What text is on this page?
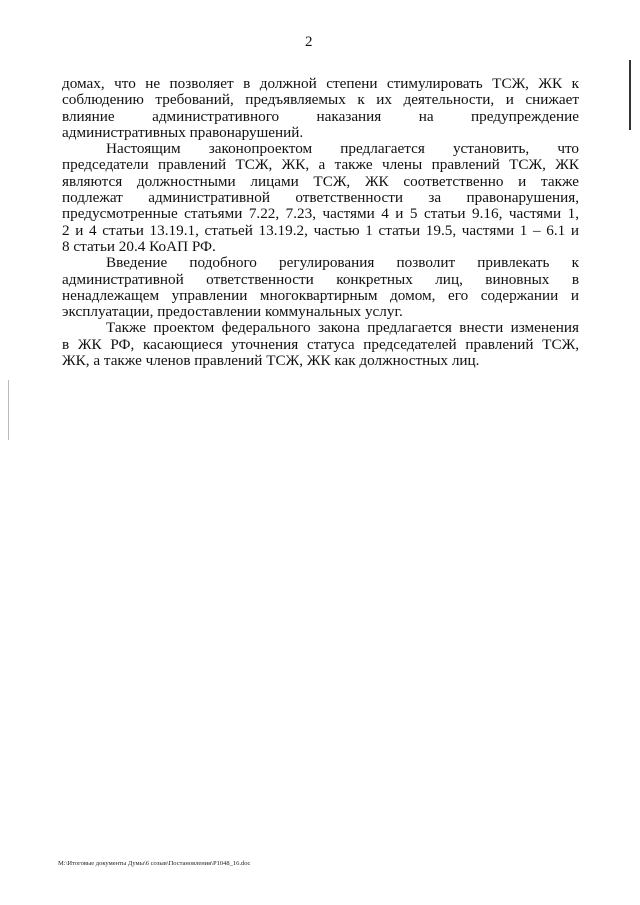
2
домах, что не позволяет в должной степени стимулировать ТСЖ, ЖК к
соблюдению требований, предъявляемых к их деятельности, и снижает
влияние административного наказания на предупреждение
административных правонарушений.
Настоящим законопроектом предлагается установить, что
председатели правлений ТСЖ, ЖК, а также члены правлений ТСЖ, ЖК
являются должностными лицами ТСЖ, ЖК соответственно и также
подлежат административной ответственности за правонарушения,
предусмотренные статьями 7.22, 7.23, частями 4 и 5 статьи 9.16, частями 1,
2 и 4 статьи 13.19.1, статьей 13.19.2, частью 1 статьи 19.5, частями 1 – 6.1 и
8 статьи 20.4 КоАП РФ.
Введение подобного регулирования позволит привлекать к
административной ответственности конкретных лиц, виновных в
ненадлежащем управлении многоквартирным домом, его содержании и
эксплуатации, предоставлении коммунальных услуг.
Также проектом федерального закона предлагается внести изменения
в ЖК РФ, касающиеся уточнения статуса председателей правлений ТСЖ,
ЖК, а также членов правлений ТСЖ, ЖК как должностных лиц.
M:\Итоговые документы Думы\6 созыв\Постановления\P1048_16.doc
